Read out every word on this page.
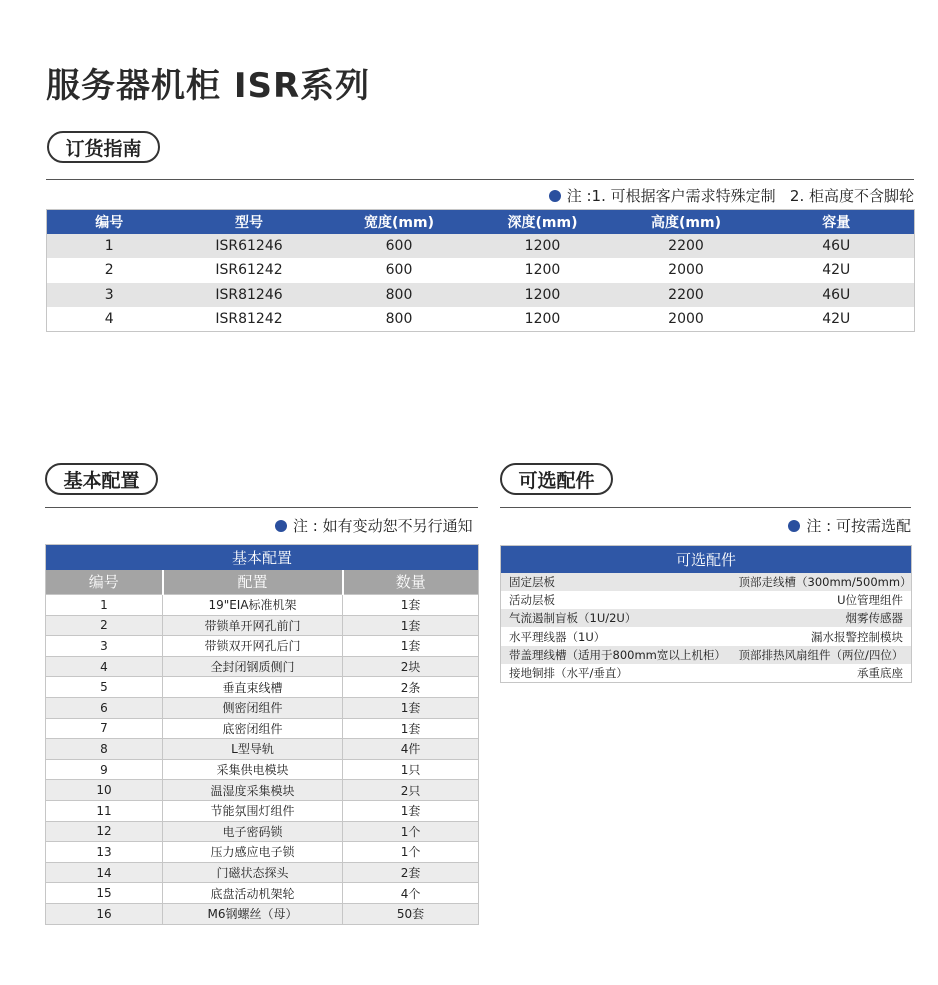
服务器机柜 ISR系列
订货指南
注 :1. 可根据客户需求特殊定制   2. 柜高度不含脚轮
编号	型号	宽度(mm)	深度(mm)	高度(mm)	容量
1	ISR61246	600	1200	2200	46U
2	ISR61242	600	1200	2000	42U
3	ISR81246	800	1200	2200	46U
4	ISR81242	800	1200	2000	42U
基本配置
注 : 如有变动恕不另行通知
基本配置		
编号	配置	数量
1	19"EIA标准机架	1套
2	带锁单开网孔前门	1套
3	带锁双开网孔后门	1套
4	全封闭钢质侧门	2块
5	垂直束线槽	2条
6	侧密闭组件	1套
7	底密闭组件	1套
8	L型导轨	4件
9	采集供电模块	1只
10	温湿度采集模块	2只
11	节能氛围灯组件	1套
12	电子密码锁	1个
13	压力感应电子锁	1个
14	门磁状态探头	2套
15	底盘活动机架轮	4个
16	M6钢螺丝（母）	50套
可选配件
注 : 可按需选配
可选配件	
固定层板	顶部走线槽（300mm/500mm）
活动层板	U位管理组件
气流遏制盲板（1U/2U）	烟雾传感器
水平理线器（1U）	漏水报警控制模块
带盖理线槽（适用于800mm宽以上机柜）	顶部排热风扇组件（两位/四位）
接地铜排（水平/垂直）	承重底座
